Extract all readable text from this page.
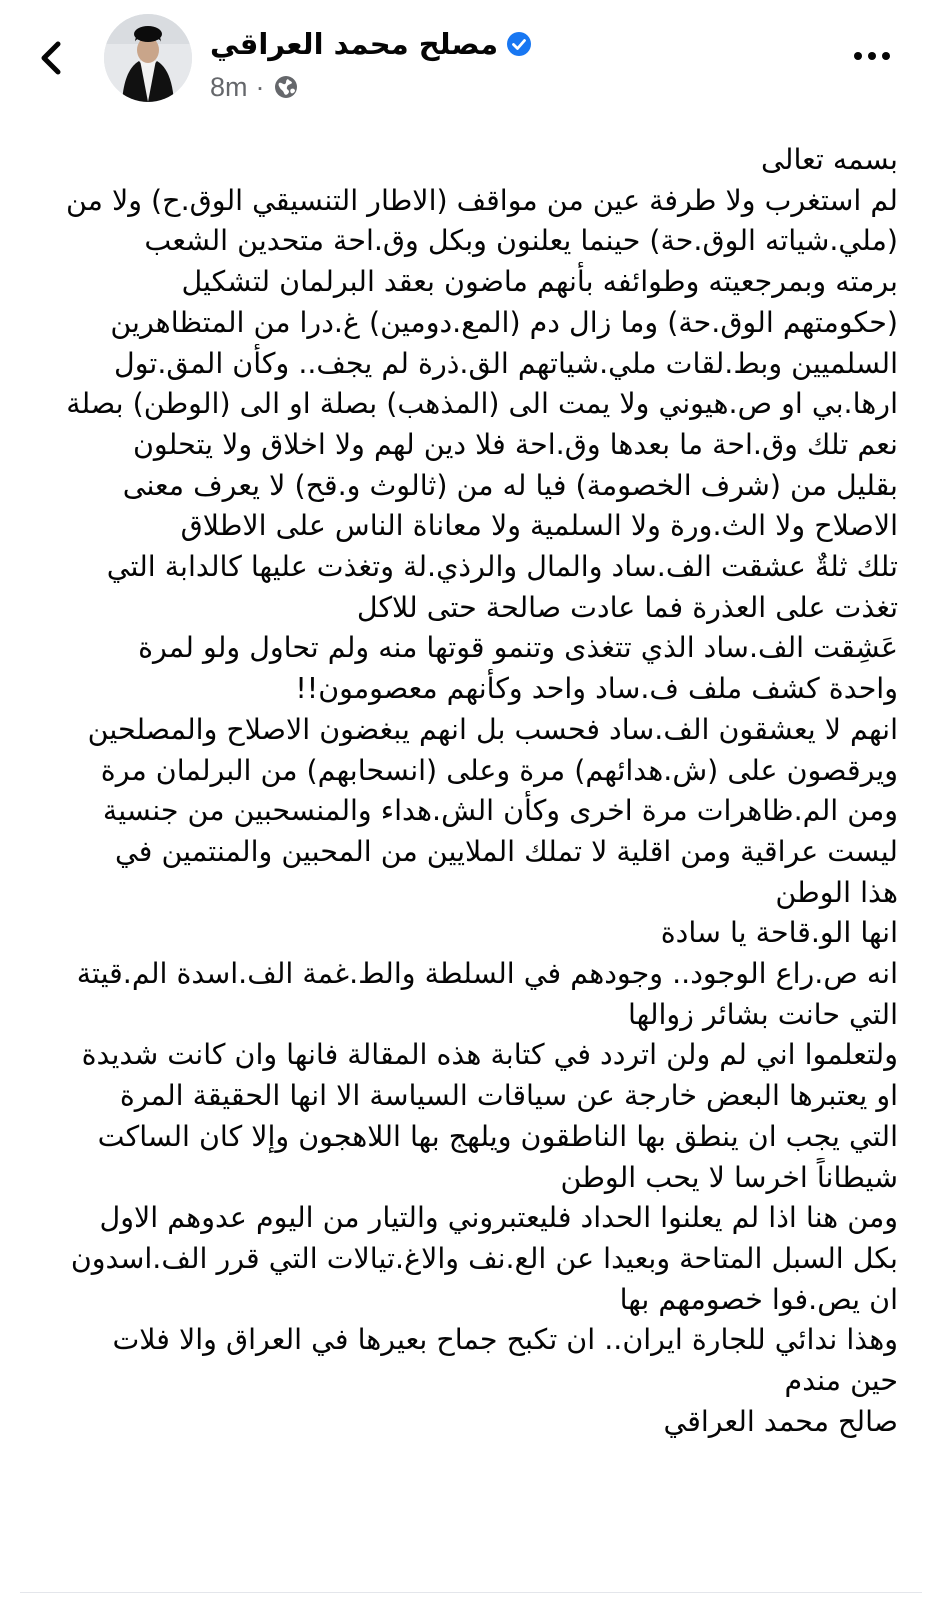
مصلح محمد العراقي
8m ·

بسمه تعالى

لم استغرب ولا طرفة عين من مواقف (الاطار التنسيقي الوق.ح) ولا من

(ملي.شياته الوق.حة) حينما يعلنون وبكل وق.احة متحدين الشعب

برمته وبمرجعيته وطوائفه بأنهم ماضون بعقد البرلمان لتشكيل

(حكومتهم الوق.حة) وما زال دم (المع.دومين) غ.درا من المتظاهرين

السلميين وبط.لقات ملي.شياتهم الق.ذرة لم يجف.. وكأن المق.تول

ارها.بي او ص.هيوني ولا يمت الى (المذهب) بصلة او الى (الوطن) بصلة

نعم تلك وق.احة ما بعدها وق.احة فلا دين لهم ولا اخلاق ولا يتحلون

بقليل من (شرف الخصومة) فيا له من (ثالوث و.قح) لا يعرف معنى

الاصلاح ولا الث.ورة ولا السلمية ولا معاناة الناس على الاطلاق

تلك ثلةٌ عشقت الف.ساد والمال والرذي.لة وتغذت عليها كالدابة التي

تغذت على العذرة فما عادت صالحة حتى للاكل

عَشِقت الف.ساد الذي تتغذى وتنمو قوتها منه ولم تحاول ولو لمرة

واحدة كشف ملف ف.ساد واحد وكأنهم معصومون!!

انهم لا يعشقون الف.ساد فحسب بل انهم يبغضون الاصلاح والمصلحين

ويرقصون على (ش.هدائهم) مرة وعلى (انسحابهم) من البرلمان مرة

ومن الم.ظاهرات مرة اخرى وكأن الش.هداء والمنسحبين من جنسية

ليست عراقية ومن اقلية لا تملك الملايين من المحبين والمنتمين في

هذا الوطن

انها الو.قاحة يا سادة

انه ص.راع الوجود.. وجودهم في السلطة والط.غمة الف.اسدة الم.قيتة

التي حانت بشائر زوالها

ولتعلموا اني لم ولن اتردد في كتابة هذه المقالة فانها وان كانت شديدة

او يعتبرها البعض خارجة عن سياقات السياسة الا انها الحقيقة المرة

التي يجب ان ينطق بها الناطقون ويلهج بها اللاهجون وإلا كان الساكت

شيطاناً اخرسا لا يحب الوطن

ومن هنا اذا لم يعلنوا الحداد فليعتبروني والتيار من اليوم عدوهم الاول

بكل السبل المتاحة وبعيدا عن الع.نف والاغ.تيالات التي قرر الف.اسدون

ان يص.فوا خصومهم بها

وهذا ندائي للجارة ايران.. ان تكبح جماح بعيرها في العراق والا فلات

حين مندم

صالح محمد العراقي
